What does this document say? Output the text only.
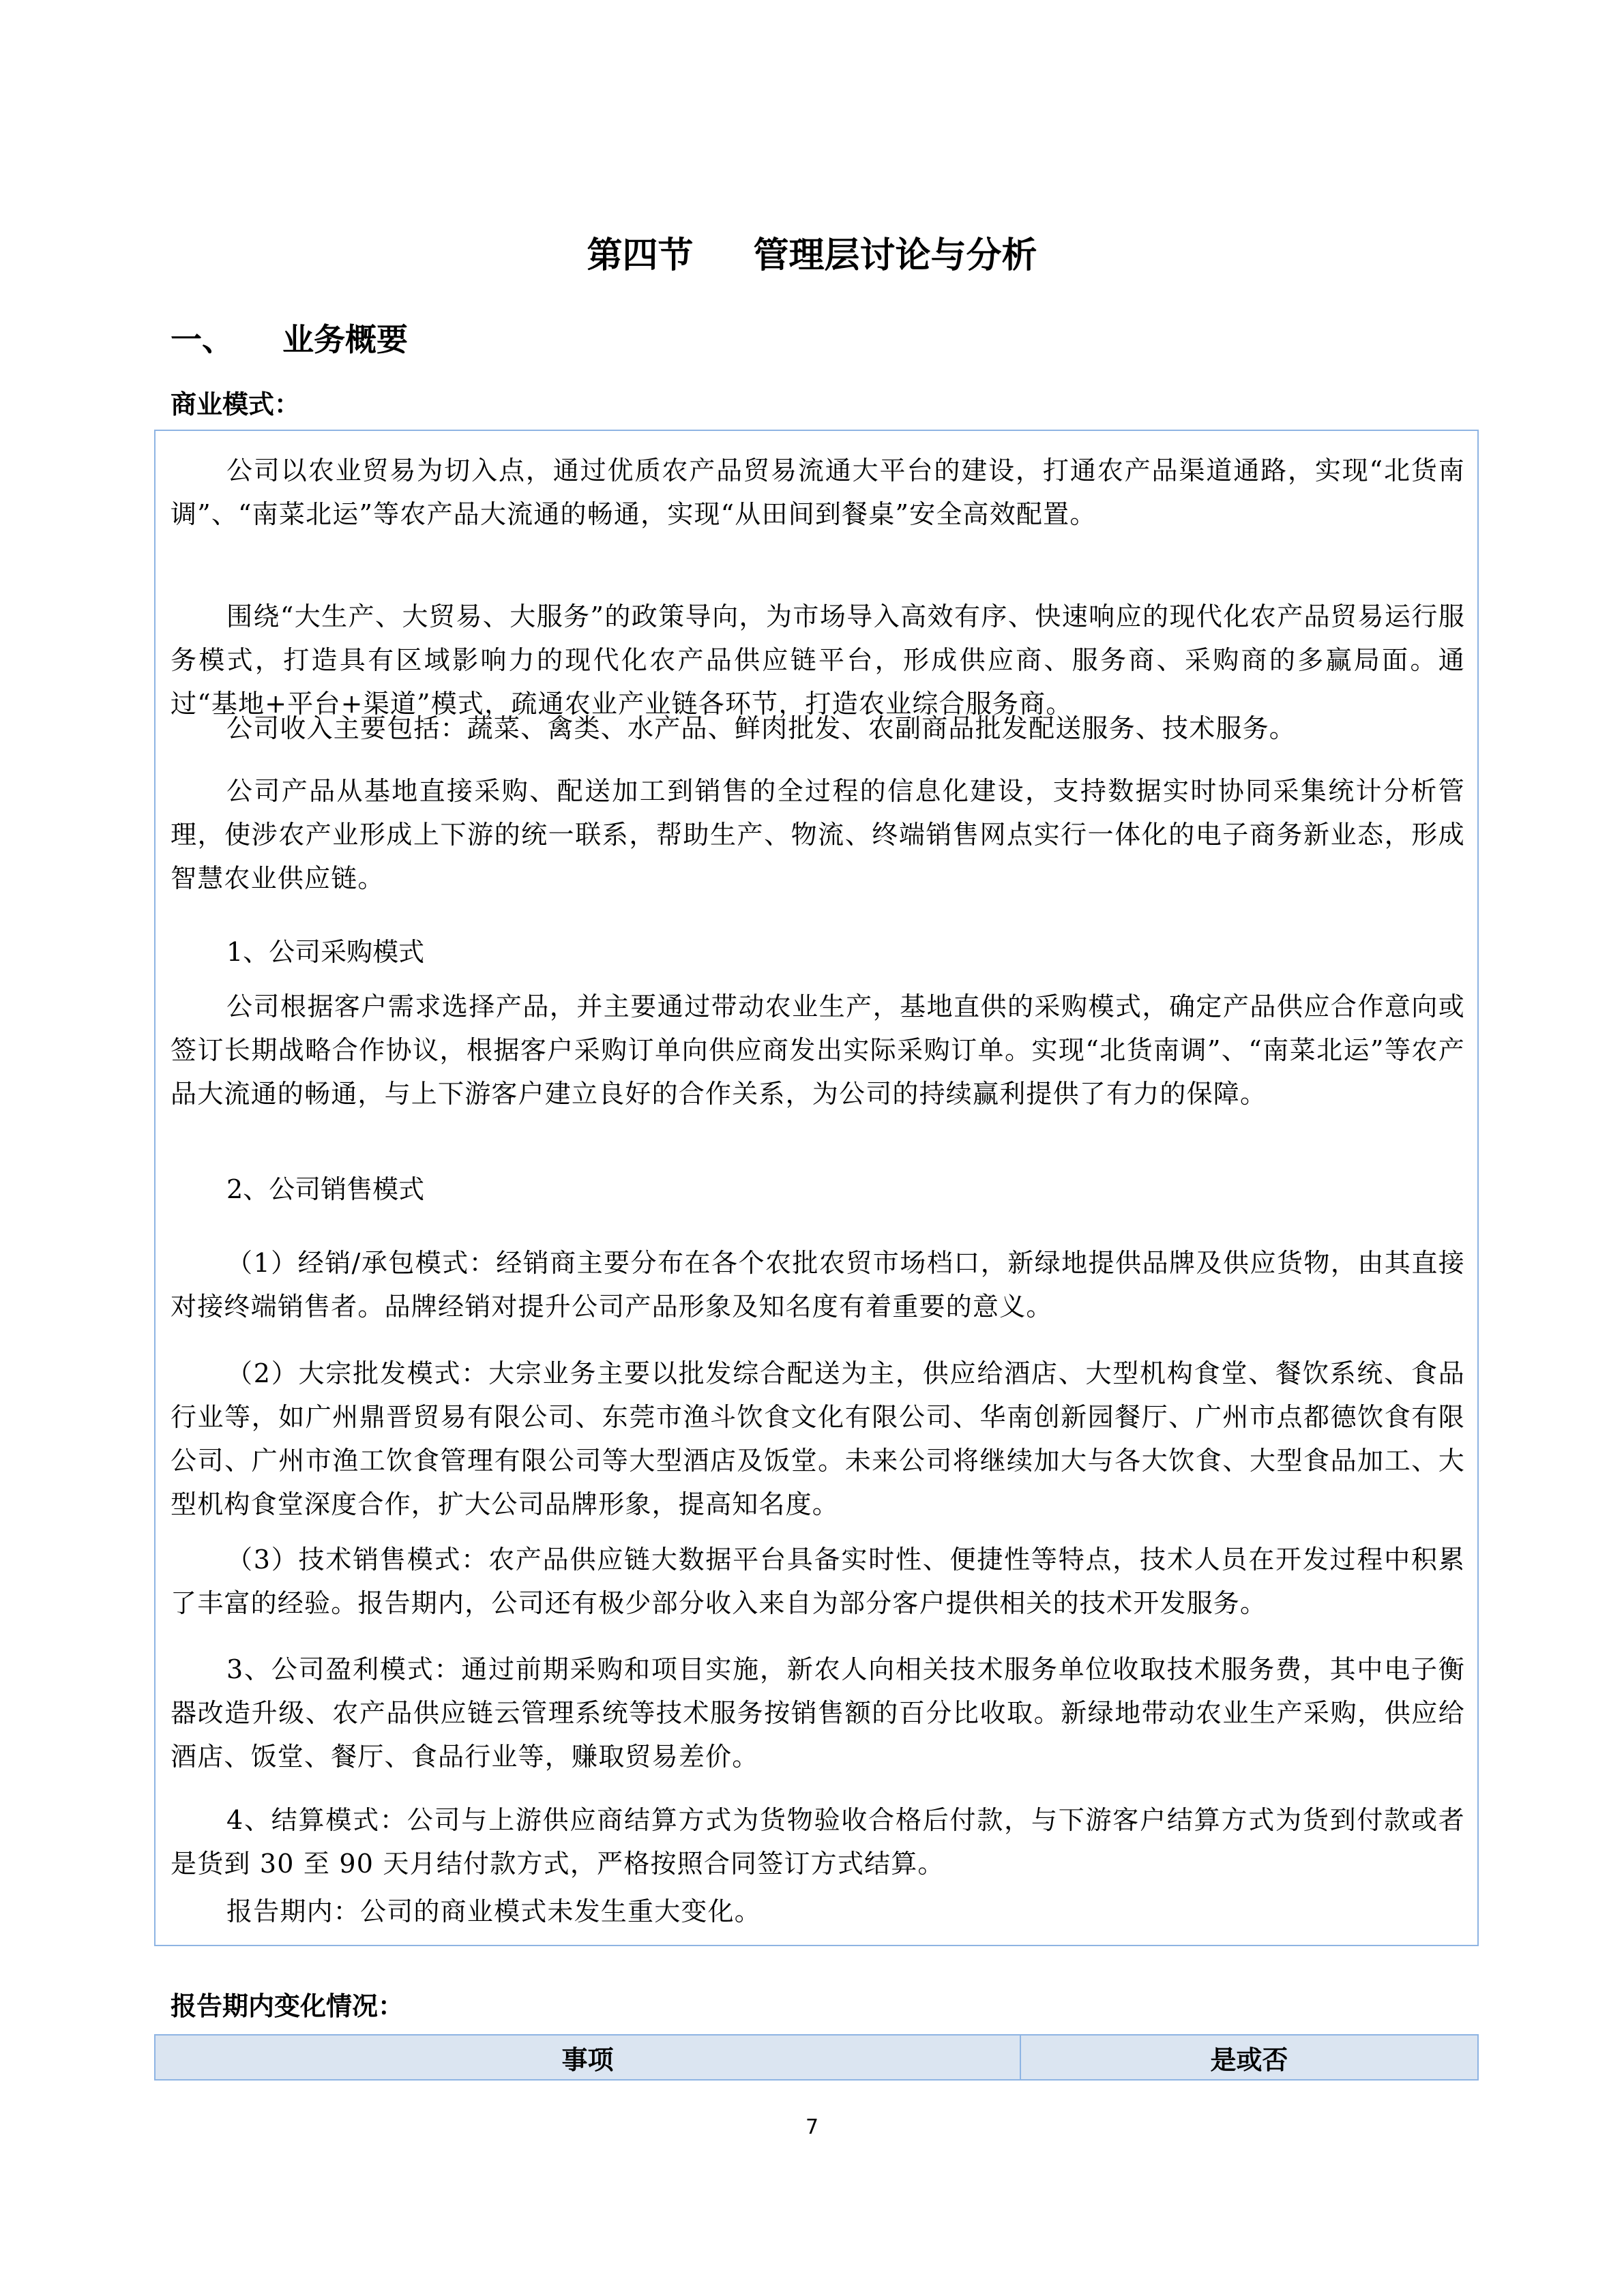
第四节 管理层讨论与分析
一、 业务概要
商业模式：

公司以农业贸易为切入点，通过优质农产品贸易流通大平台的建设，打通农产品渠道通路，实现“北货南调”、“南菜北运”等农产品大流通的畅通，实现“从田间到餐桌”安全高效配置。

围绕“大生产、大贸易、大服务”的政策导向，为市场导入高效有序、快速响应的现代化农产品贸易运行服务模式，打造具有区域影响力的现代化农产品供应链平台，形成供应商、服务商、采购商的多赢局面。通过“基地+平台+渠道”模式，疏通农业产业链各环节，打造农业综合服务商。

公司收入主要包括：蔬菜、禽类、水产品、鲜肉批发、农副商品批发配送服务、技术服务。

公司产品从基地直接采购、配送加工到销售的全过程的信息化建设，支持数据实时协同采集统计分析管理，使涉农产业形成上下游的统一联系，帮助生产、物流、终端销售网点实行一体化的电子商务新业态，形成智慧农业供应链。

1、公司采购模式

公司根据客户需求选择产品，并主要通过带动农业生产，基地直供的采购模式，确定产品供应合作意向或签订长期战略合作协议，根据客户采购订单向供应商发出实际采购订单。实现“北货南调”、“南菜北运”等农产品大流通的畅通，与上下游客户建立良好的合作关系，为公司的持续赢利提供了有力的保障。

2、公司销售模式

（1）经销/承包模式：经销商主要分布在各个农批农贸市场档口，新绿地提供品牌及供应货物，由其直接对接终端销售者。品牌经销对提升公司产品形象及知名度有着重要的意义。

（2）大宗批发模式：大宗业务主要以批发综合配送为主，供应给酒店、大型机构食堂、餐饮系统、食品行业等，如广州鼎晋贸易有限公司、东莞市渔斗饮食文化有限公司、华南创新园餐厅、广州市点都德饮食有限公司、广州市渔工饮食管理有限公司等大型酒店及饭堂。未来公司将继续加大与各大饮食、大型食品加工、大型机构食堂深度合作，扩大公司品牌形象，提高知名度。

（3）技术销售模式：农产品供应链大数据平台具备实时性、便捷性等特点，技术人员在开发过程中积累了丰富的经验。报告期内，公司还有极少部分收入来自为部分客户提供相关的技术开发服务。

3、公司盈利模式：通过前期采购和项目实施，新农人向相关技术服务单位收取技术服务费，其中电子衡器改造升级、农产品供应链云管理系统等技术服务按销售额的百分比收取。新绿地带动农业生产采购，供应给酒店、饭堂、餐厅、食品行业等，赚取贸易差价。

4、结算模式：公司与上游供应商结算方式为货物验收合格后付款，与下游客户结算方式为货到付款或者是货到 30 至 90 天月结付款方式，严格按照合同签订方式结算。

报告期内：公司的商业模式未发生重大变化。

报告期内变化情况：
事项	是或否
7
